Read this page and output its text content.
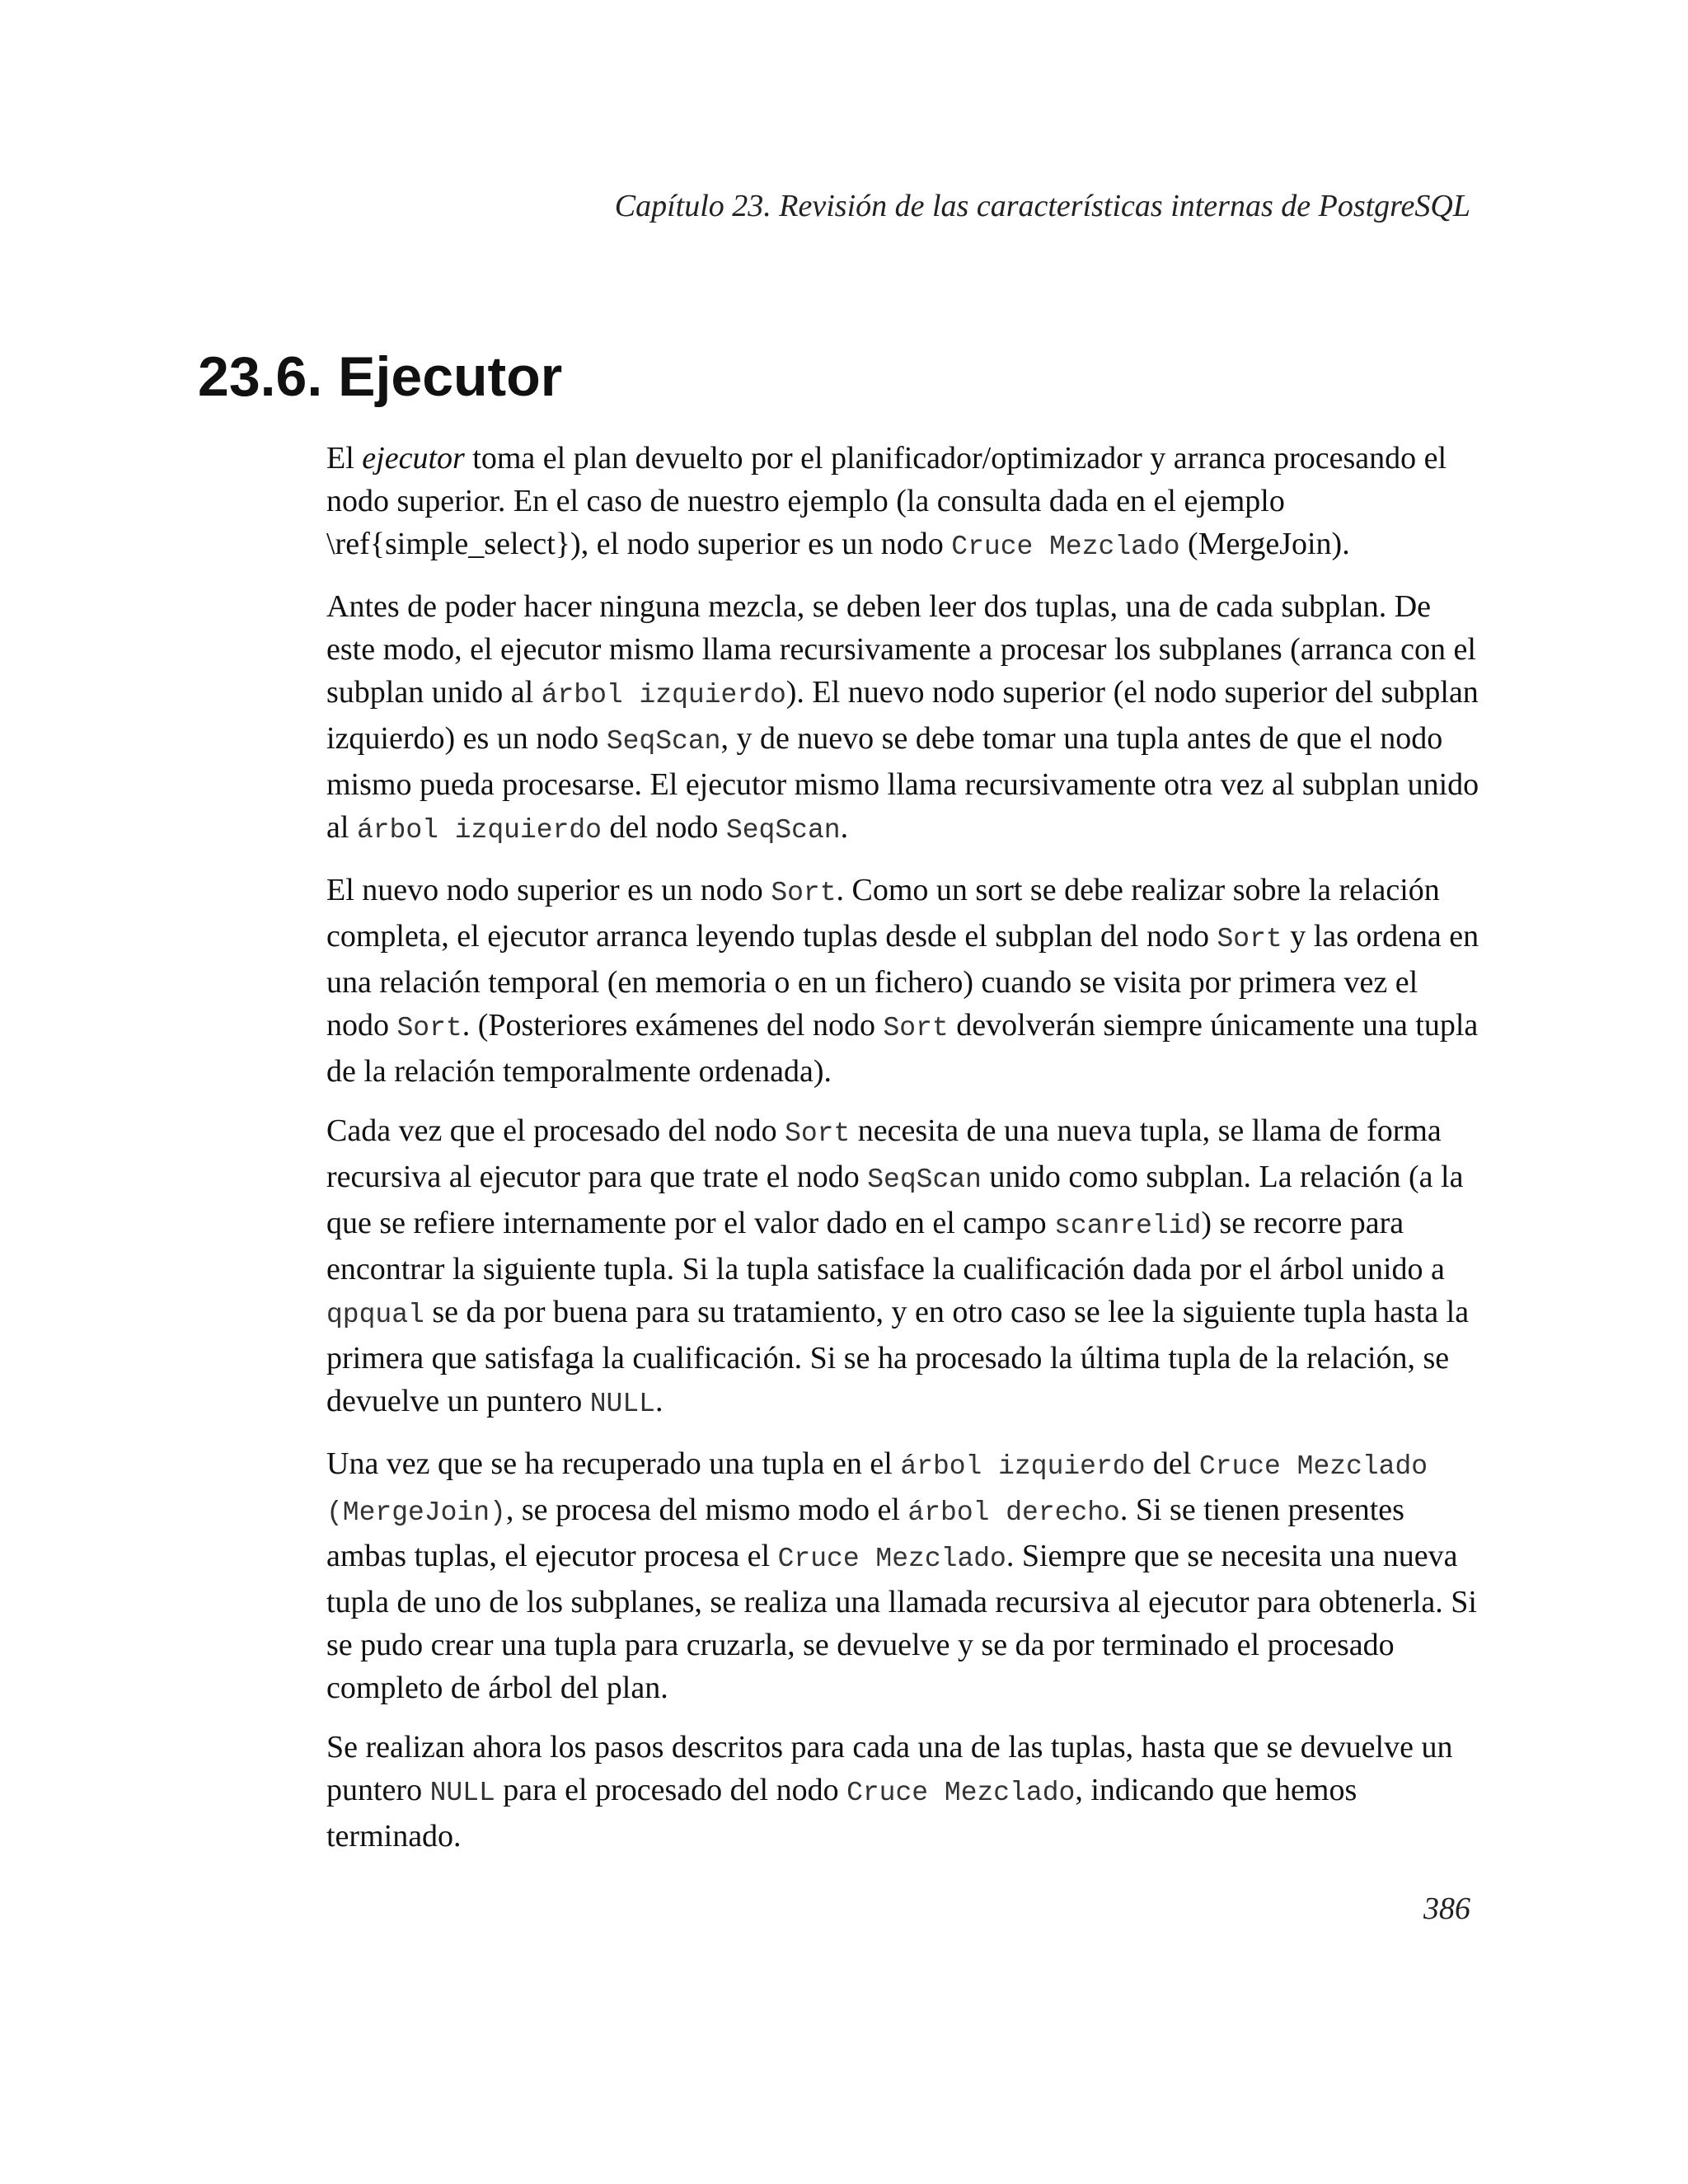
Capítulo 23. Revisión de las características internas de PostgreSQL
23.6. Ejecutor

El ejecutor toma el plan devuelto por el planificador/optimizador y arranca procesando el nodo superior. En el caso de nuestro ejemplo (la consulta dada en el ejemplo \ref{simple_select}), el nodo superior es un nodo Cruce Mezclado (MergeJoin).

Antes de poder hacer ninguna mezcla, se deben leer dos tuplas, una de cada subplan. De este modo, el ejecutor mismo llama recursivamente a procesar los subplanes (arranca con el subplan unido al árbol izquierdo). El nuevo nodo superior (el nodo superior del subplan izquierdo) es un nodo SeqScan, y de nuevo se debe tomar una tupla antes de que el nodo mismo pueda procesarse. El ejecutor mismo llama recursivamente otra vez al subplan unido al árbol izquierdo del nodo SeqScan.

El nuevo nodo superior es un nodo Sort. Como un sort se debe realizar sobre la relación completa, el ejecutor arranca leyendo tuplas desde el subplan del nodo Sort y las ordena en una relación temporal (en memoria o en un fichero) cuando se visita por primera vez el nodo Sort. (Posteriores exámenes del nodo Sort devolverán siempre únicamente una tupla de la relación temporalmente ordenada).

Cada vez que el procesado del nodo Sort necesita de una nueva tupla, se llama de forma recursiva al ejecutor para que trate el nodo SeqScan unido como subplan. La relación (a la que se refiere internamente por el valor dado en el campo scanrelid) se recorre para encontrar la siguiente tupla. Si la tupla satisface la cualificación dada por el árbol unido a qpqual se da por buena para su tratamiento, y en otro caso se lee la siguiente tupla hasta la primera que satisfaga la cualificación. Si se ha procesado la última tupla de la relación, se devuelve un puntero NULL.

Una vez que se ha recuperado una tupla en el árbol izquierdo del Cruce Mezclado (MergeJoin), se procesa del mismo modo el árbol derecho. Si se tienen presentes ambas tuplas, el ejecutor procesa el Cruce Mezclado. Siempre que se necesita una nueva tupla de uno de los subplanes, se realiza una llamada recursiva al ejecutor para obtenerla. Si se pudo crear una tupla para cruzarla, se devuelve y se da por terminado el procesado completo de árbol del plan.

Se realizan ahora los pasos descritos para cada una de las tuplas, hasta que se devuelve un puntero NULL para el procesado del nodo Cruce Mezclado, indicando que hemos terminado.

386
